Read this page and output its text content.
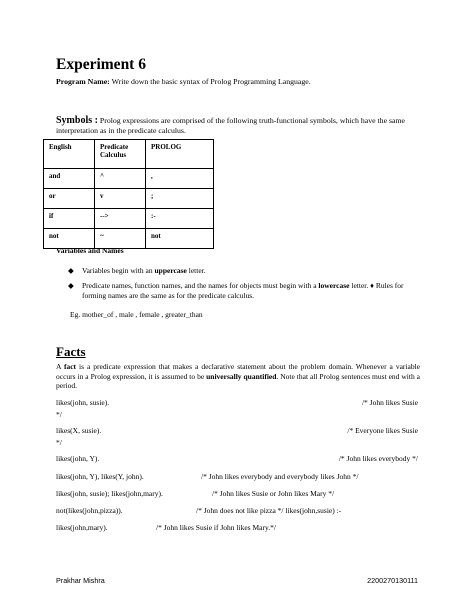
Experiment 6
Program Name: Write down the basic syntax of Prolog Programming Language.
Symbols : Prolog expressions are comprised of the following truth-functional symbols, which have the same interpretation as in the predicate calculus.
English	Predicate Calculus	PROLOG
and	^	,
or	v	;
if	-->	:-
not	~	not
Variables and Names
◆ Variables begin with an uppercase letter.
◆ Predicate names, function names, and the names for objects must begin with a lowercase letter. ♦ Rules for forming names are the same as for the predicate calculus.
Eg. mother_of , male , female , greater_than
Facts
A fact is a predicate expression that makes a declarative statement about the problem domain. Whenever a variable occurs in a Prolog expression, it is assumed to be universally quantified. Note that all Prolog sentences must end with a period.
likes(john, susie).	/* John likes Susie
*/
likes(X, susie).	/* Everyone likes Susie
*/
likes(john, Y).	/* John likes everybody */
likes(john, Y), likes(Y, john).	/* John likes everybody and everybody likes John */
likes(john, susie); likes(john,mary).	/* John likes Susie or John likes Mary */
not(likes(john,pizza)).	/* John does not like pizza */ likes(john,susie) :-
likes(john,mary).	/* John likes Susie if John likes Mary.*/
Prakhar Mishra	2200270130111
